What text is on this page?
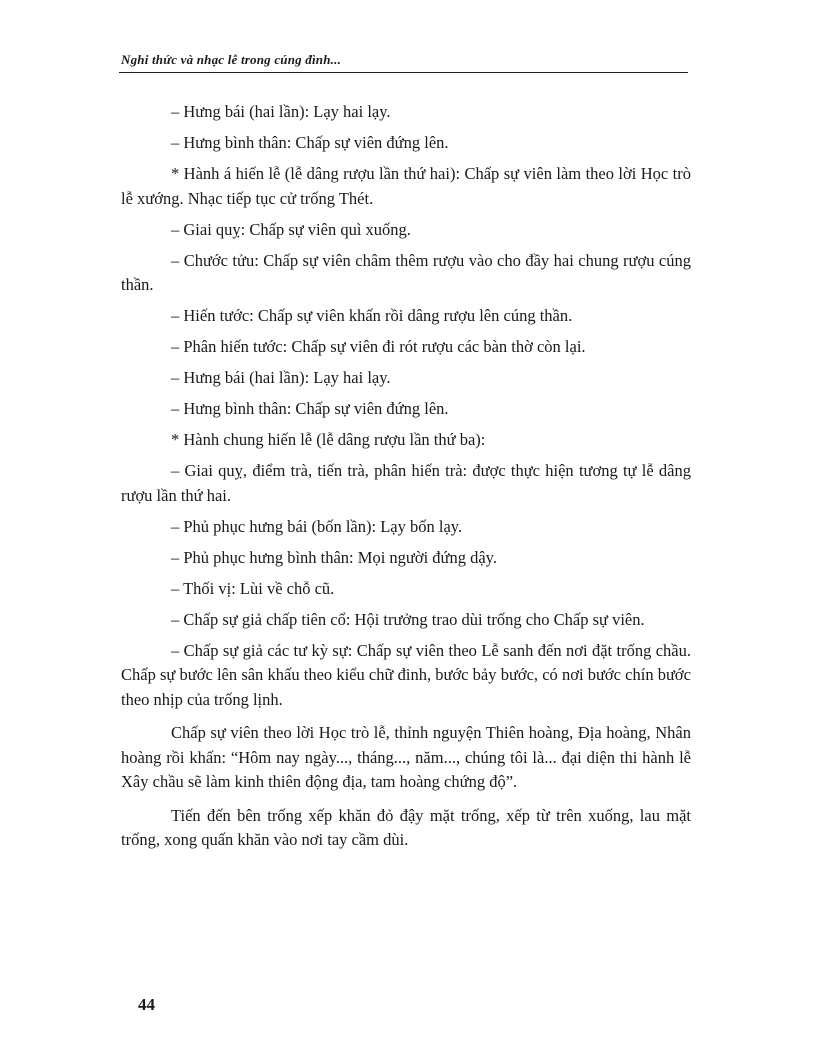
Nghi thức và nhạc lễ trong cúng đình...

– Hưng bái (hai lần): Lạy hai lạy.

– Hưng bình thân: Chấp sự viên đứng lên.

* Hành á hiến lễ (lễ dâng rượu lần thứ hai): Chấp sự viên làm theo lời Học trò lễ xướng. Nhạc tiếp tục cử trống Thét.

– Giai quỵ: Chấp sự viên quì xuống.

– Chước tửu: Chấp sự viên châm thêm rượu vào cho đầy hai chung rượu cúng thần.

– Hiến tước: Chấp sự viên khấn rồi dâng rượu lên cúng thần.

– Phân hiến tước: Chấp sự viên đi rót rượu các bàn thờ còn lại.

– Hưng bái (hai lần): Lạy hai lạy.

– Hưng bình thân: Chấp sự viên đứng lên.

* Hành chung hiến lễ (lễ dâng rượu lần thứ ba):

– Giai quỵ, điểm trà, tiến trà, phân hiến trà: được thực hiện tương tự lễ dâng rượu lần thứ hai.

– Phủ phục hưng bái (bốn lần): Lạy bốn lạy.

– Phủ phục hưng bình thân: Mọi người đứng dậy.

– Thối vị: Lùi về chỗ cũ.

– Chấp sự giả chấp tiên cổ: Hội trưởng trao dùi trống cho Chấp sự viên.

– Chấp sự giả các tư kỳ sự: Chấp sự viên theo Lễ sanh đến nơi đặt trống chầu. Chấp sự bước lên sân khấu theo kiểu chữ đinh, bước bảy bước, có nơi bước chín bước theo nhịp của trống lịnh.

Chấp sự viên theo lời Học trò lễ, thỉnh nguyện Thiên hoàng, Địa hoàng, Nhân hoàng rồi khấn: “Hôm nay ngày..., tháng..., năm..., chúng tôi là... đại diện thi hành lễ Xây chầu sẽ làm kinh thiên động địa, tam hoàng chứng độ”.

Tiến đến bên trống xếp khăn đỏ đậy mặt trống, xếp từ trên xuống, lau mặt trống, xong quấn khăn vào nơi tay cầm dùi.

44
